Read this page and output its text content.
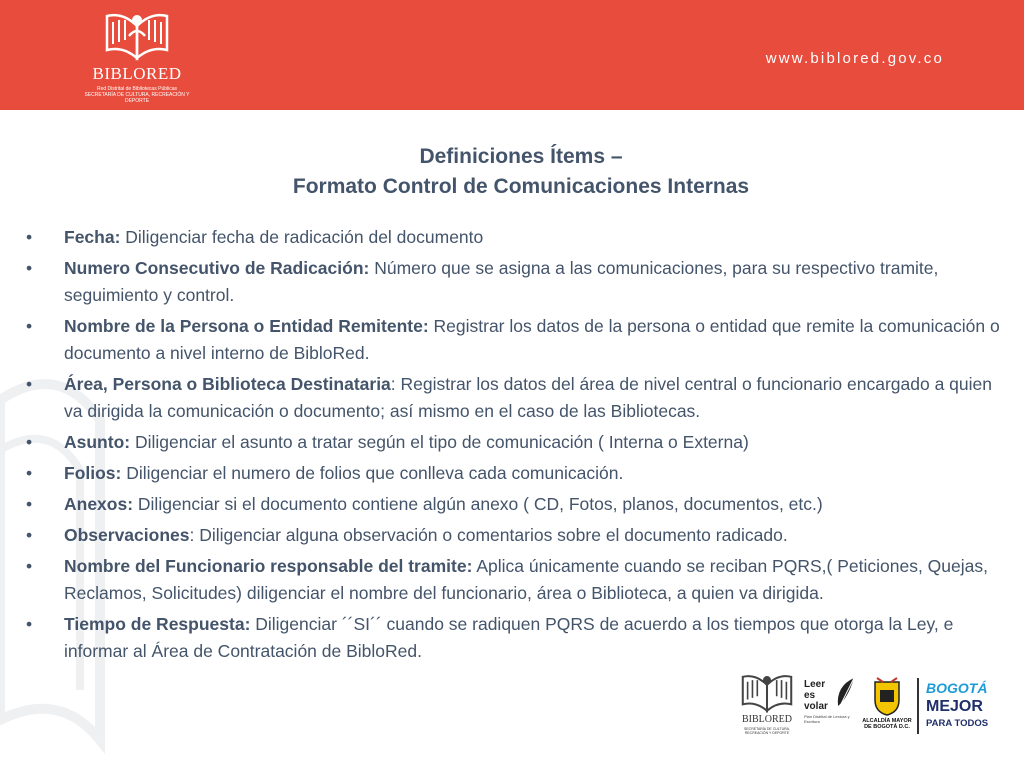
BIBLORED
Red Distrital de Bibliotecas Públicas
SECRETARÍA DE CULTURA, RECREACIÓN Y DEPORTE
www.biblored.gov.co
Definiciones Ítems –
Formato Control de Comunicaciones Internas
• Fecha: Diligenciar fecha de radicación del documento
• Numero Consecutivo de Radicación: Número que se asigna a las comunicaciones, para su respectivo tramite, seguimiento y control.
• Nombre de la Persona o Entidad Remitente: Registrar los datos de la persona o entidad que remite la comunicación o documento a nivel interno de BibloRed.
• Área, Persona o Biblioteca Destinataria: Registrar los datos del área de nivel central o funcionario encargado a quien va dirigida la comunicación o documento; así mismo en el caso de las Bibliotecas.
• Asunto: Diligenciar el asunto a tratar según el tipo de comunicación ( Interna o Externa)
• Folios: Diligenciar el numero de folios que conlleva cada comunicación.
• Anexos: Diligenciar si el documento contiene algún anexo ( CD, Fotos, planos, documentos, etc.)
• Observaciones: Diligenciar alguna observación o comentarios sobre el documento radicado.
• Nombre del Funcionario responsable del tramite: Aplica únicamente cuando se reciban PQRS,( Peticiones, Quejas, Reclamos, Solicitudes) diligenciar el nombre del funcionario, área o Biblioteca, a quien va dirigida.
• Tiempo de Respuesta: Diligenciar ´´SI´´ cuando se radiquen PQRS de acuerdo a los tiempos que otorga la Ley, e informar al Área de Contratación de BibloRed.
BIBLORED
SECRETARÍA DE CULTURA, RECREACIÓN Y DEPORTE
Leer
es
volar
Plan Distrital de Lectura y Escritura	ALCALDÍA MAYOR
DE BOGOTÁ D.C.
BOGOTÁ
MEJOR
PARA TODOS
